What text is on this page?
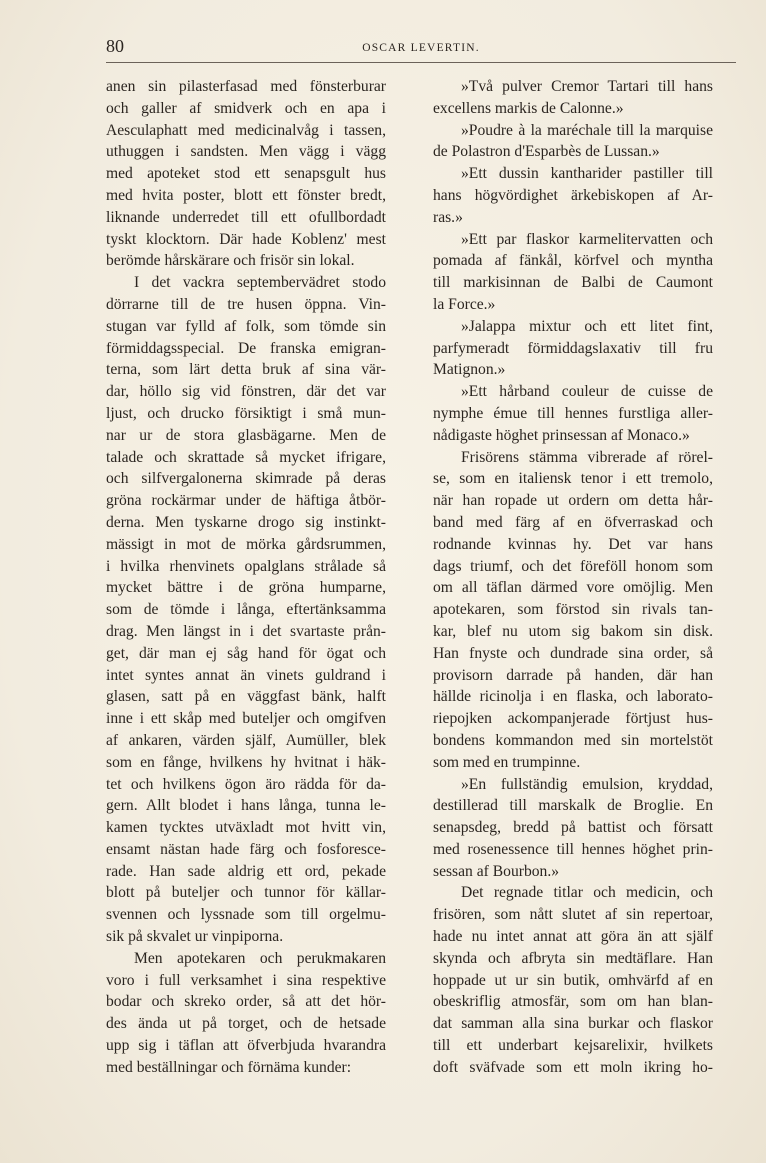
80	OSCAR LEVERTIN.
anen sin pilasterfasad med fönsterburar
och galler af smidverk och en apa i
Aesculaphatt med medicinalvåg i tassen,
uthuggen i sandsten. Men vägg i vägg
med apoteket stod ett senapsgult hus
med hvita poster, blott ett fönster bredt,
liknande underredet till ett ofullbordadt
tyskt klocktorn. Där hade Koblenz' mest
berömde hårskärare och frisör sin lokal.
I det vackra septembervädret stodo
dörrarne till de tre husen öppna. Vin-
stugan var fylld af folk, som tömde sin
förmiddagsspecial. De franska emigran-
terna, som lärt detta bruk af sina vär-
dar, höllo sig vid fönstren, där det var
ljust, och drucko försiktigt i små mun-
nar ur de stora glasbägarne. Men de
talade och skrattade så mycket ifrigare,
och silfvergalonerna skimrade på deras
gröna rockärmar under de häftiga åtbör-
derna. Men tyskarne drogo sig instinkt-
mässigt in mot de mörka gårdsrummen,
i hvilka rhenvinets opalglans strålade så
mycket bättre i de gröna humparne,
som de tömde i långa, eftertänksamma
drag. Men längst in i det svartaste prån-
get, där man ej såg hand för ögat och
intet syntes annat än vinets guldrand i
glasen, satt på en väggfast bänk, halft
inne i ett skåp med buteljer och omgifven
af ankaren, värden själf, Aumüller, blek
som en fånge, hvilkens hy hvitnat i häk-
tet och hvilkens ögon äro rädda för da-
gern. Allt blodet i hans långa, tunna le-
kamen tycktes utväxladt mot hvitt vin,
ensamt nästan hade färg och fosforesce-
rade. Han sade aldrig ett ord, pekade
blott på buteljer och tunnor för källar-
svennen och lyssnade som till orgelmu-
sik på skvalet ur vinpiporna.
Men apotekaren och perukmakaren
voro i full verksamhet i sina respektive
bodar och skreko order, så att det hör-
des ända ut på torget, och de hetsade
upp sig i täflan att öfverbjuda hvarandra
med beställningar och förnäma kunder:
»Två pulver Cremor Tartari till hans
excellens markis de Calonne.»
»Poudre à la maréchale till la marquise
de Polastron d'Esparbès de Lussan.»
»Ett dussin kantharider pastiller till
hans högvördighet ärkebiskopen af Ar-
ras.»
»Ett par flaskor karmelitervatten och
pomada af fänkål, körfvel och myntha
till markisinnan de Balbi de Caumont
la Force.»
»Jalappa mixtur och ett litet fint,
parfymeradt förmiddagslaxativ till fru
Matignon.»
»Ett hårband couleur de cuisse de
nymphe émue till hennes furstliga aller-
nådigaste höghet prinsessan af Monaco.»
Frisörens stämma vibrerade af rörel-
se, som en italiensk tenor i ett tremolo,
när han ropade ut ordern om detta hår-
band med färg af en öfverraskad och
rodnande kvinnas hy. Det var hans
dags triumf, och det föreföll honom som
om all täflan därmed vore omöjlig. Men
apotekaren, som förstod sin rivals tan-
kar, blef nu utom sig bakom sin disk.
Han fnyste och dundrade sina order, så
provisorn darrade på handen, där han
hällde ricinolja i en flaska, och laborato-
riepojken ackompanjerade förtjust hus-
bondens kommandon med sin mortelstöt
som med en trumpinne.
»En fullständig emulsion, kryddad,
destillerad till marskalk de Broglie. En
senapsdeg, bredd på battist och försatt
med rosenessence till hennes höghet prin-
sessan af Bourbon.»
Det regnade titlar och medicin, och
frisören, som nått slutet af sin repertoar,
hade nu intet annat att göra än att själf
skynda och afbryta sin medtäflare. Han
hoppade ut ur sin butik, omhvärfd af en
obeskriflig atmosfär, som om han blan-
dat samman alla sina burkar och flaskor
till ett underbart kejsarelixir, hvilkets
doft sväfvade som ett moln ikring ho-
